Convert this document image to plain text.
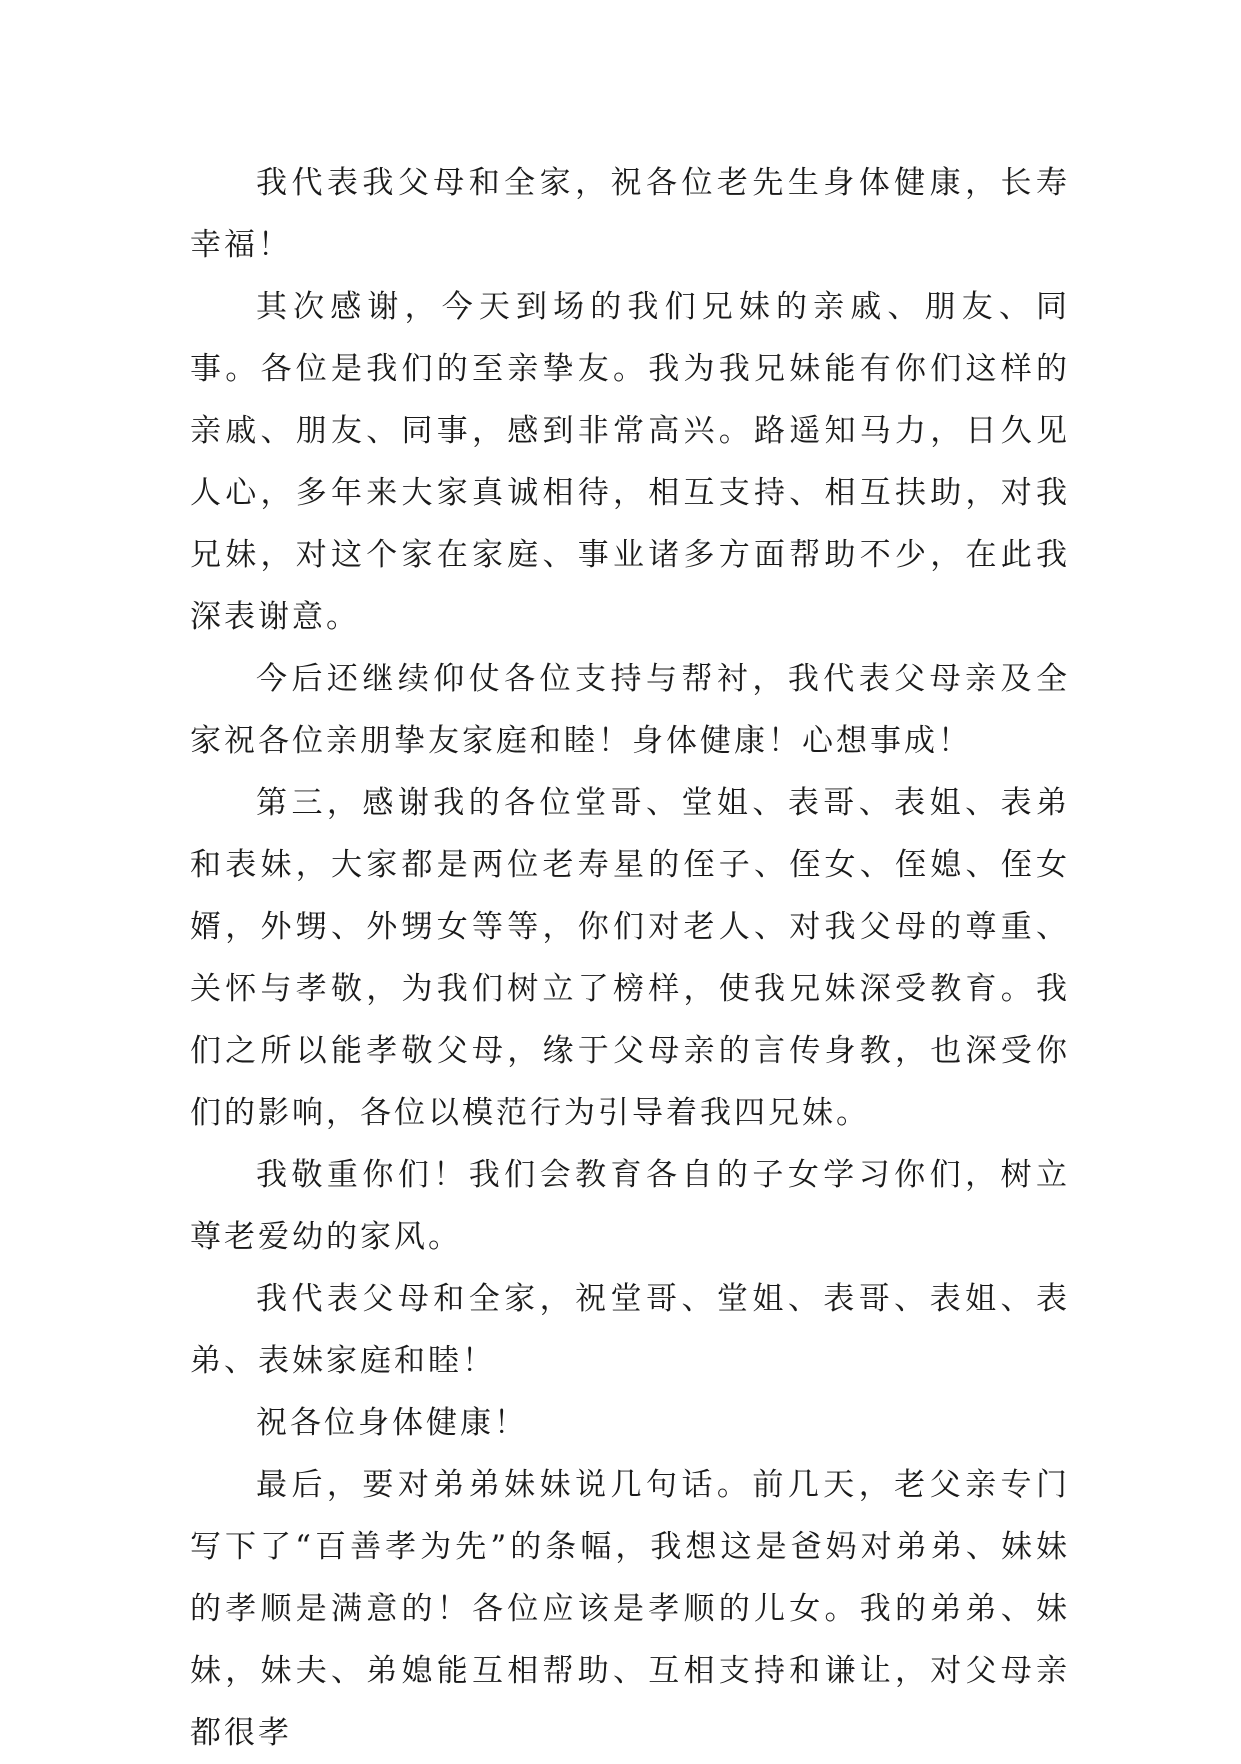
我代表我父母和全家，祝各位老先生身体健康，长寿幸福！

其次感谢，今天到场的我们兄妹的亲戚、朋友、同事。各位是我们的至亲挚友。我为我兄妹能有你们这样的亲戚、朋友、同事，感到非常高兴。路遥知马力，日久见人心，多年来大家真诚相待，相互支持、相互扶助，对我兄妹，对这个家在家庭、事业诸多方面帮助不少，在此我深表谢意。

今后还继续仰仗各位支持与帮衬，我代表父母亲及全家祝各位亲朋挚友家庭和睦！身体健康！心想事成！

第三，感谢我的各位堂哥、堂姐、表哥、表姐、表弟和表妹，大家都是两位老寿星的侄子、侄女、侄媳、侄女婿，外甥、外甥女等等，你们对老人、对我父母的尊重、关怀与孝敬，为我们树立了榜样，使我兄妹深受教育。我们之所以能孝敬父母，缘于父母亲的言传身教，也深受你们的影响，各位以模范行为引导着我四兄妹。

我敬重你们！我们会教育各自的子女学习你们，树立尊老爱幼的家风。

我代表父母和全家，祝堂哥、堂姐、表哥、表姐、表弟、表妹家庭和睦！

祝各位身体健康！

最后，要对弟弟妹妹说几句话。前几天，老父亲专门写下了“百善孝为先”的条幅，我想这是爸妈对弟弟、妹妹的孝顺是满意的！各位应该是孝顺的儿女。我的弟弟、妹妹，妹夫、弟媳能互相帮助、互相支持和谦让，对父母亲都很孝
